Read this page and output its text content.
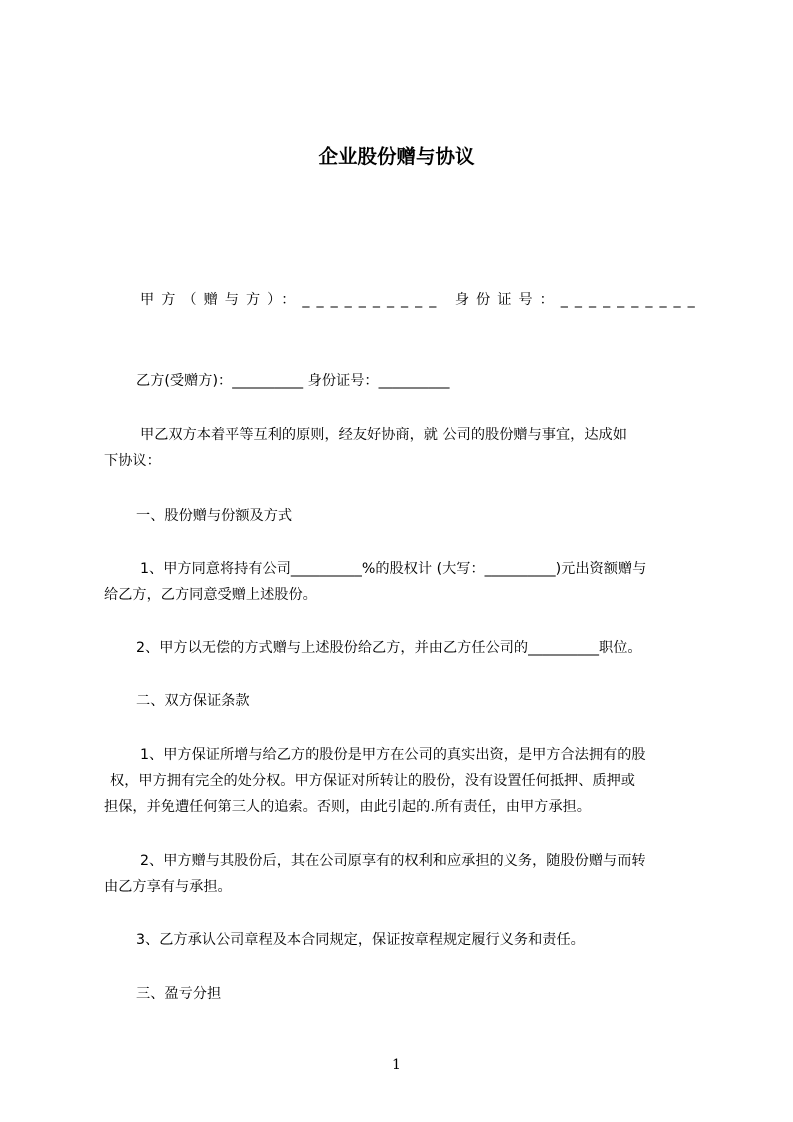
企业股份赠与协议

甲方（赠与方）：__________ 身份证号：__________

乙方(受赠方)：__________ 身份证号：__________

甲乙双方本着平等互利的原则，经友好协商，就 公司的股份赠与事宜，达成如

下协议：

一、股份赠与份额及方式

1、甲方同意将持有公司__________%的股权计 (大写：__________)元出资额赠与

给乙方，乙方同意受赠上述股份。

2、甲方以无偿的方式赠与上述股份给乙方，并由乙方任公司的__________职位。

二、双方保证条款

1、甲方保证所增与给乙方的股份是甲方在公司的真实出资，是甲方合法拥有的股

权，甲方拥有完全的处分权。甲方保证对所转让的股份，没有设置任何抵押、质押或

担保，并免遭任何第三人的追索。否则，由此引起的.所有责任，由甲方承担。

2、甲方赠与其股份后，其在公司原享有的权利和应承担的义务，随股份赠与而转

由乙方享有与承担。

3、乙方承认公司章程及本合同规定，保证按章程规定履行义务和责任。

三、盈亏分担

1
